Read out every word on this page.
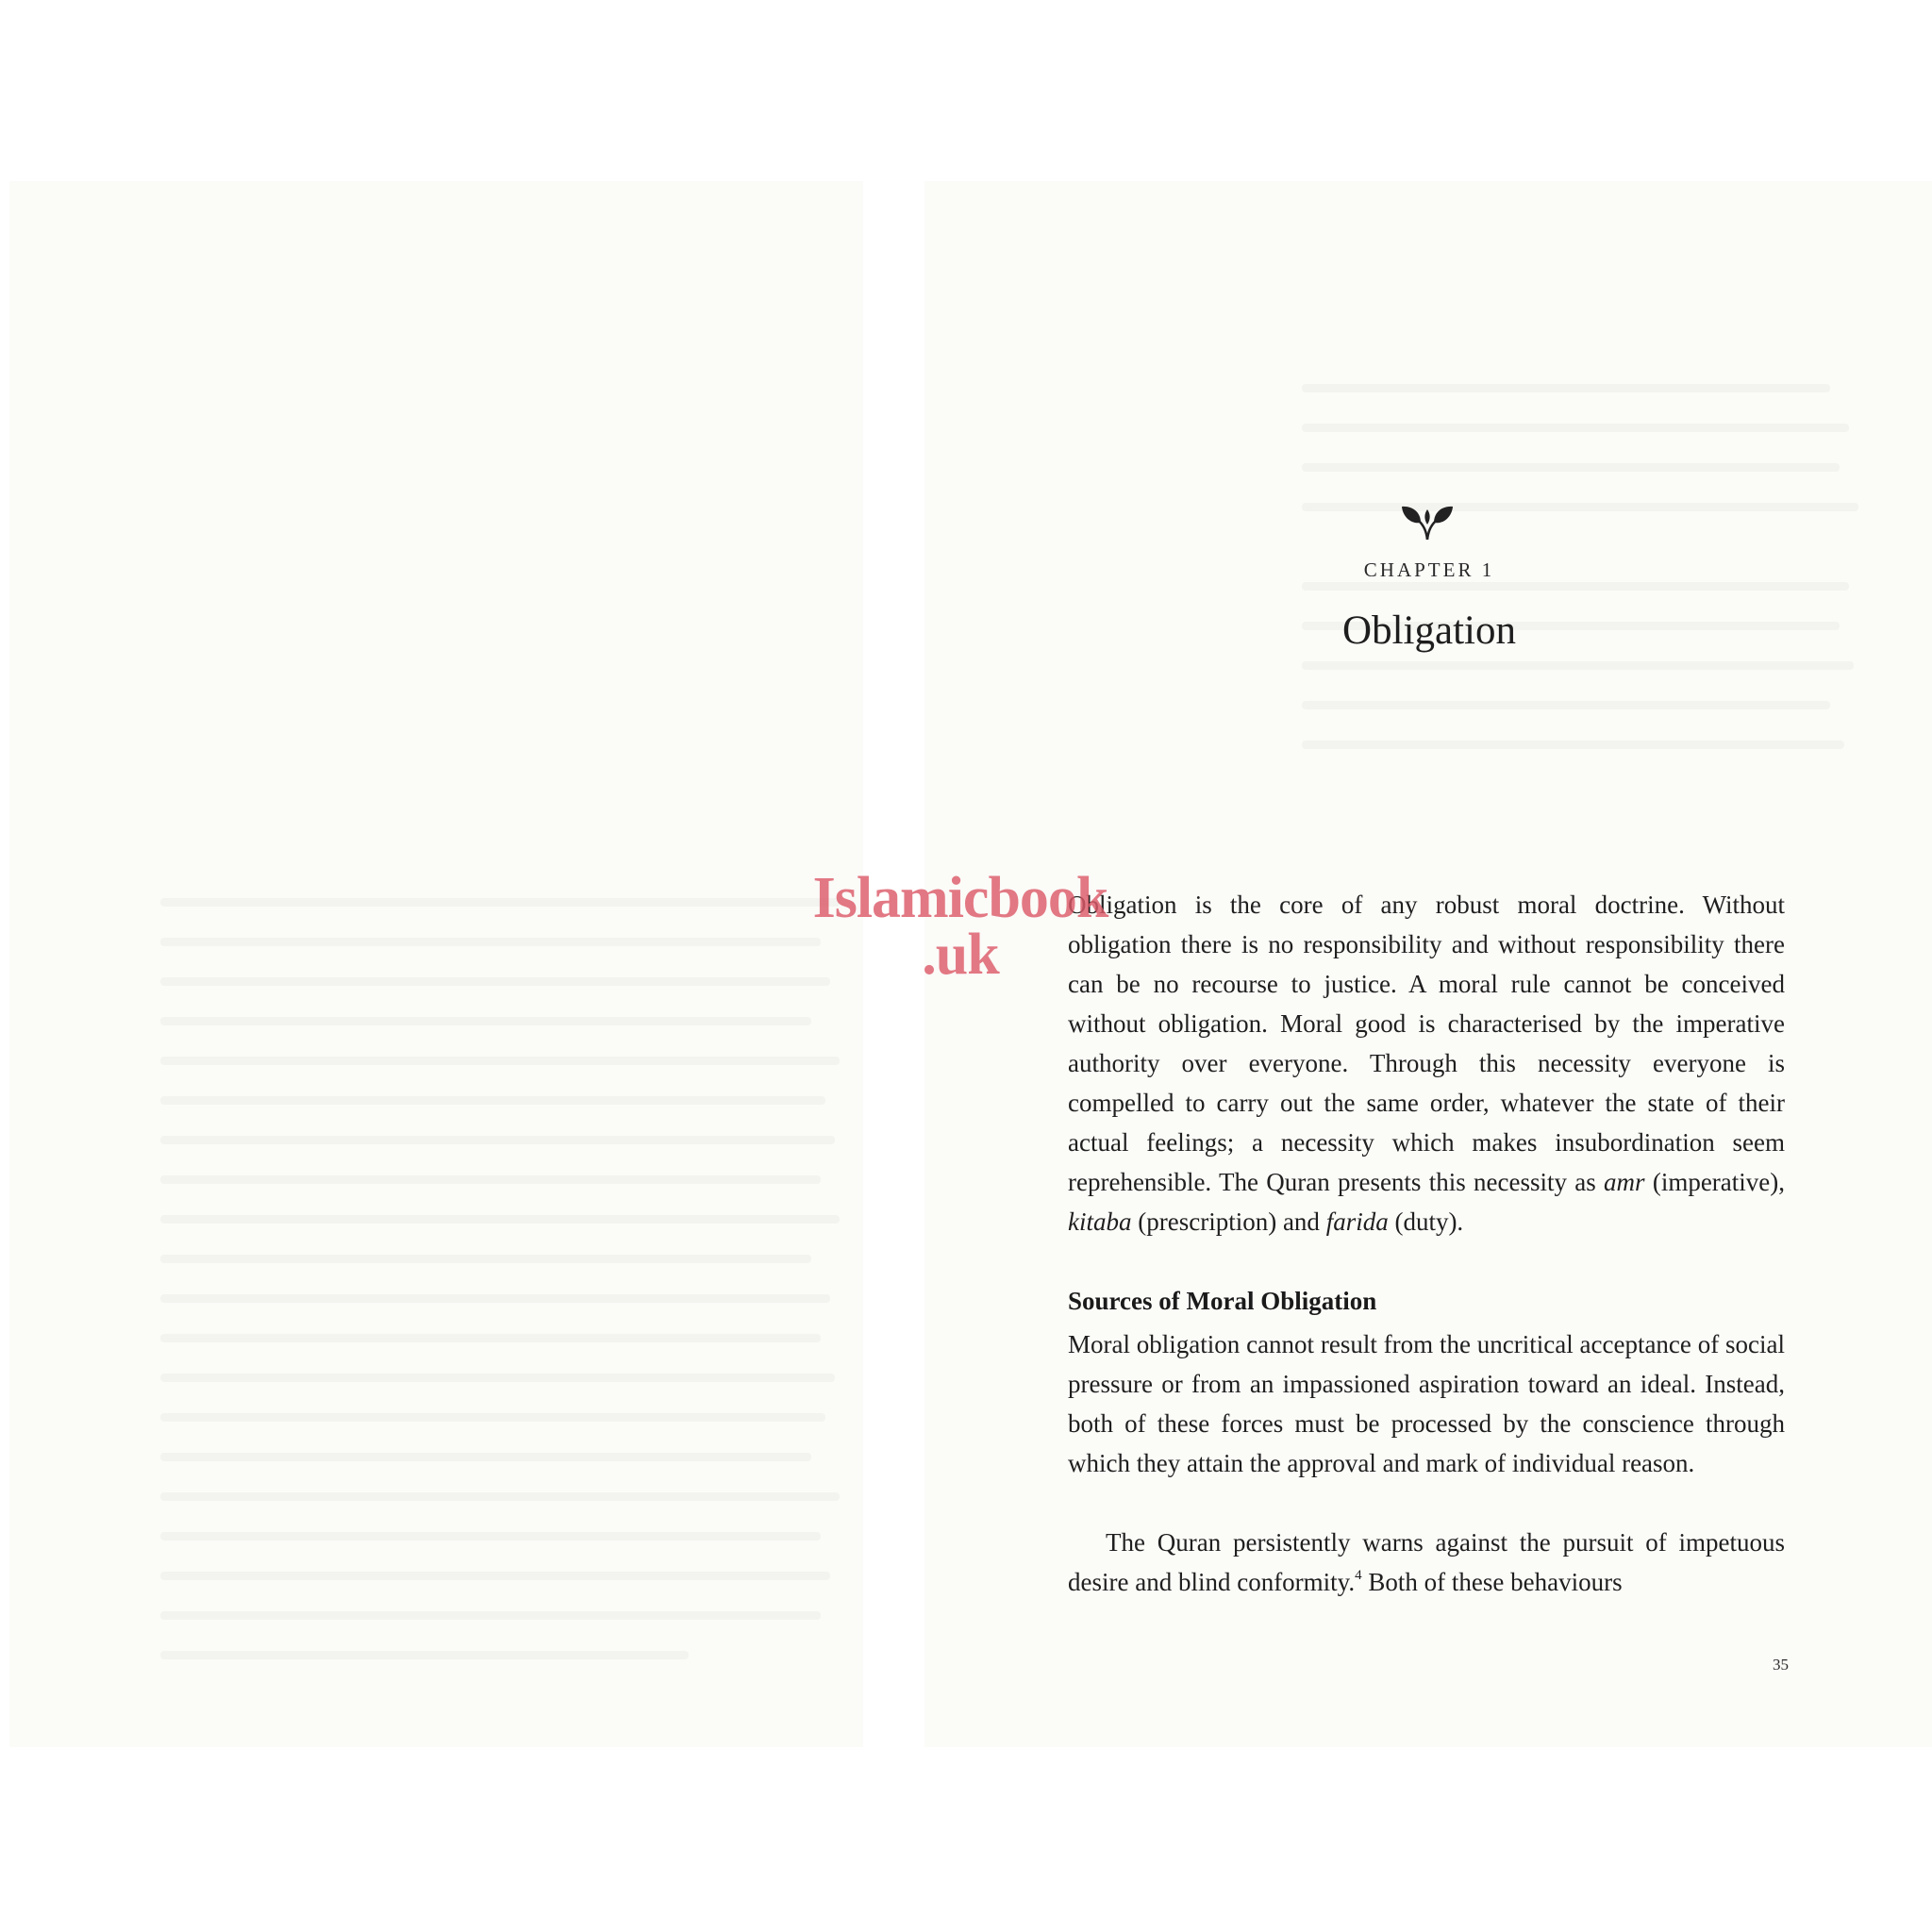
CHAPTER 1
Obligation

Obligation is the core of any robust moral doctrine. Without obligation there is no responsibility and without responsibility there can be no recourse to justice. A moral rule cannot be conceived without obligation. Moral good is characterised by the imperative authority over everyone. Through this necessity everyone is compelled to carry out the same order, whatever the state of their actual feelings; a necessity which makes insubordination seem reprehensible. The Quran presents this necessity as amr (imperative), kitaba (prescription) and farida (duty).

Sources of Moral Obligation

Moral obligation cannot result from the uncritical acceptance of social pressure or from an impassioned aspiration toward an ideal. Instead, both of these forces must be processed by the conscience through which they attain the approval and mark of individual reason.

The Quran persistently warns against the pursuit of impetuous desire and blind conformity.$^4$ Both of these behaviours

35
Islamicbook
.uk
